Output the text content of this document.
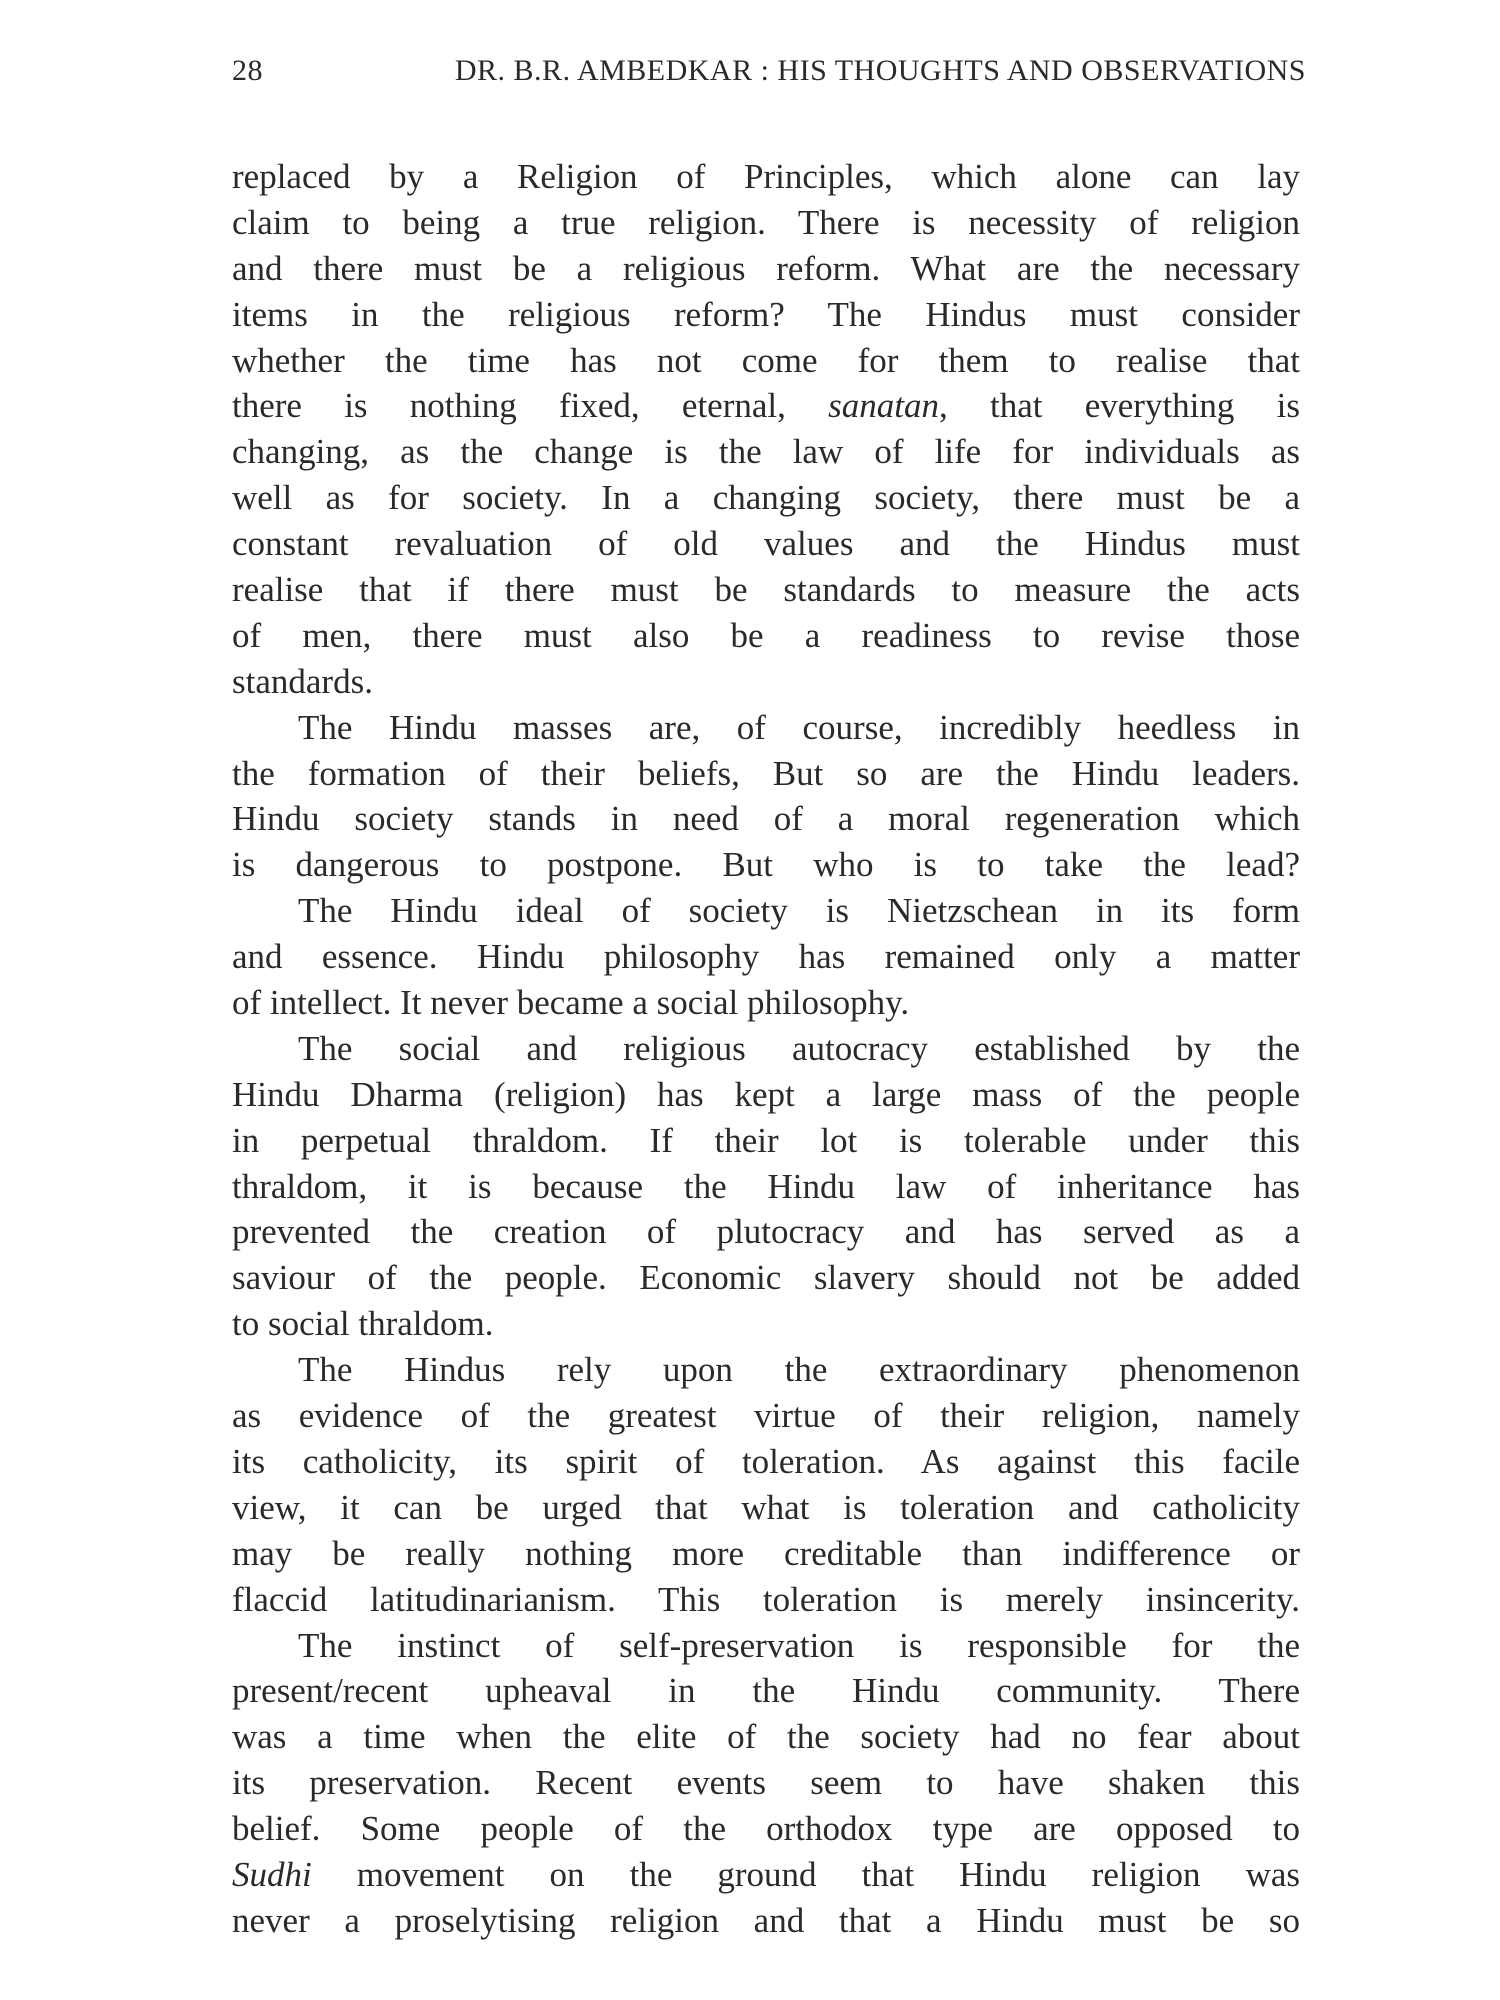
28	DR. B.R. AMBEDKAR : HIS THOUGHTS AND OBSERVATIONS
replaced by a Religion of Principles, which alone can lay
claim to being a true religion. There is necessity of religion
and there must be a religious reform. What are the necessary
items in the religious reform? The Hindus must consider
whether the time has not come for them to realise that
there is nothing fixed, eternal, sanatan, that everything is
changing, as the change is the law of life for individuals as
well as for society. In a changing society, there must be a
constant revaluation of old values and the Hindus must
realise that if there must be standards to measure the acts
of men, there must also be a readiness to revise those
standards.
The Hindu masses are, of course, incredibly heedless in
the formation of their beliefs, But so are the Hindu leaders.
Hindu society stands in need of a moral regeneration which
is dangerous to postpone. But who is to take the lead?
The Hindu ideal of society is Nietzschean in its form
and essence. Hindu philosophy has remained only a matter
of intellect. It never became a social philosophy.
The social and religious autocracy established by the
Hindu Dharma (religion) has kept a large mass of the people
in perpetual thraldom. If their lot is tolerable under this
thraldom, it is because the Hindu law of inheritance has
prevented the creation of plutocracy and has served as a
saviour of the people. Economic slavery should not be added
to social thraldom.
The Hindus rely upon the extraordinary phenomenon
as evidence of the greatest virtue of their religion, namely
its catholicity, its spirit of toleration. As against this facile
view, it can be urged that what is toleration and catholicity
may be really nothing more creditable than indifference or
flaccid latitudinarianism. This toleration is merely insincerity.
The instinct of self-preservation is responsible for the
present/recent upheaval in the Hindu community. There
was a time when the elite of the society had no fear about
its preservation. Recent events seem to have shaken this
belief. Some people of the orthodox type are opposed to
Sudhi movement on the ground that Hindu religion was
never a proselytising religion and that a Hindu must be so
